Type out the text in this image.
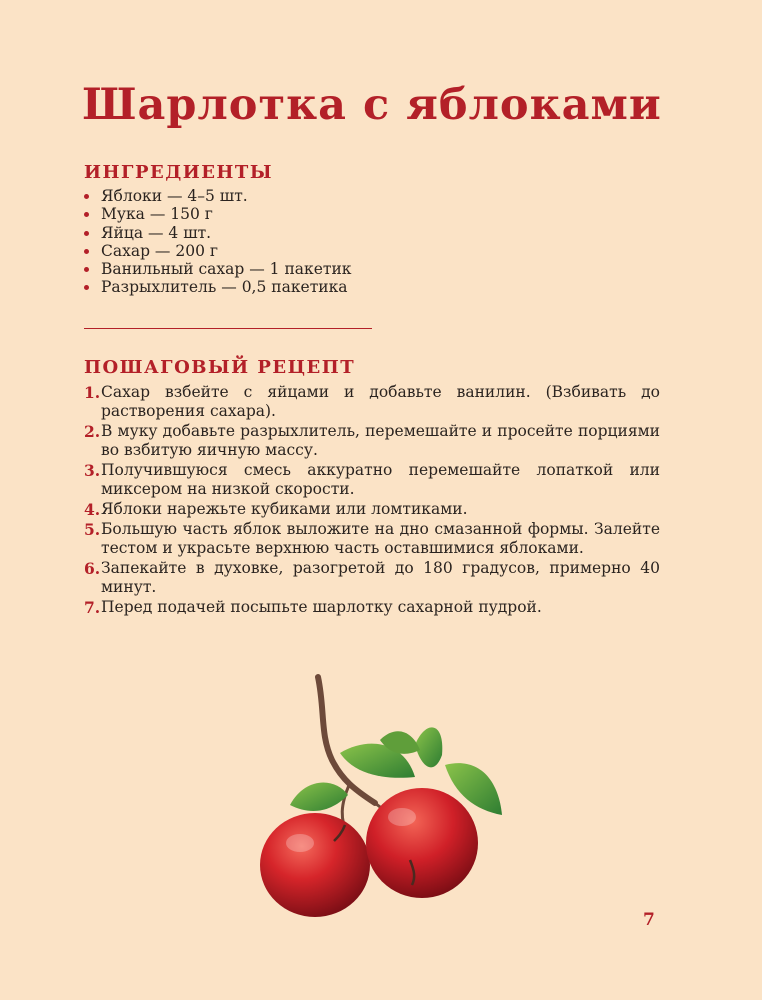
Шарлотка с яблоками
ИНГРЕДИЕНТЫ
Яблоки — 4–5 шт.
Мука — 150 г
Яйца — 4 шт.
Сахар — 200 г
Ванильный сахар — 1 пакетик
Разрыхлитель — 0,5 пакетика
ПОШАГОВЫЙ РЕЦЕПТ
1. Сахар взбейте с яйцами и добавьте ванилин. (Взбивать до растворения сахара).
2. В муку добавьте разрыхлитель, перемешайте и просейте порциями во взбитую яичную массу.
3. Получившуюся смесь аккуратно перемешайте лопаткой или миксером на низкой скорости.
4. Яблоки нарежьте кубиками или ломтиками.
5. Большую часть яблок выложите на дно смазанной формы. Залейте тестом и украсьте верхнюю часть оставшимися яблоками.
6. Запекайте в духовке, разогретой до 180 градусов, примерно 40 минут.
7. Перед подачей посыпьте шарлотку сахарной пудрой.
7
